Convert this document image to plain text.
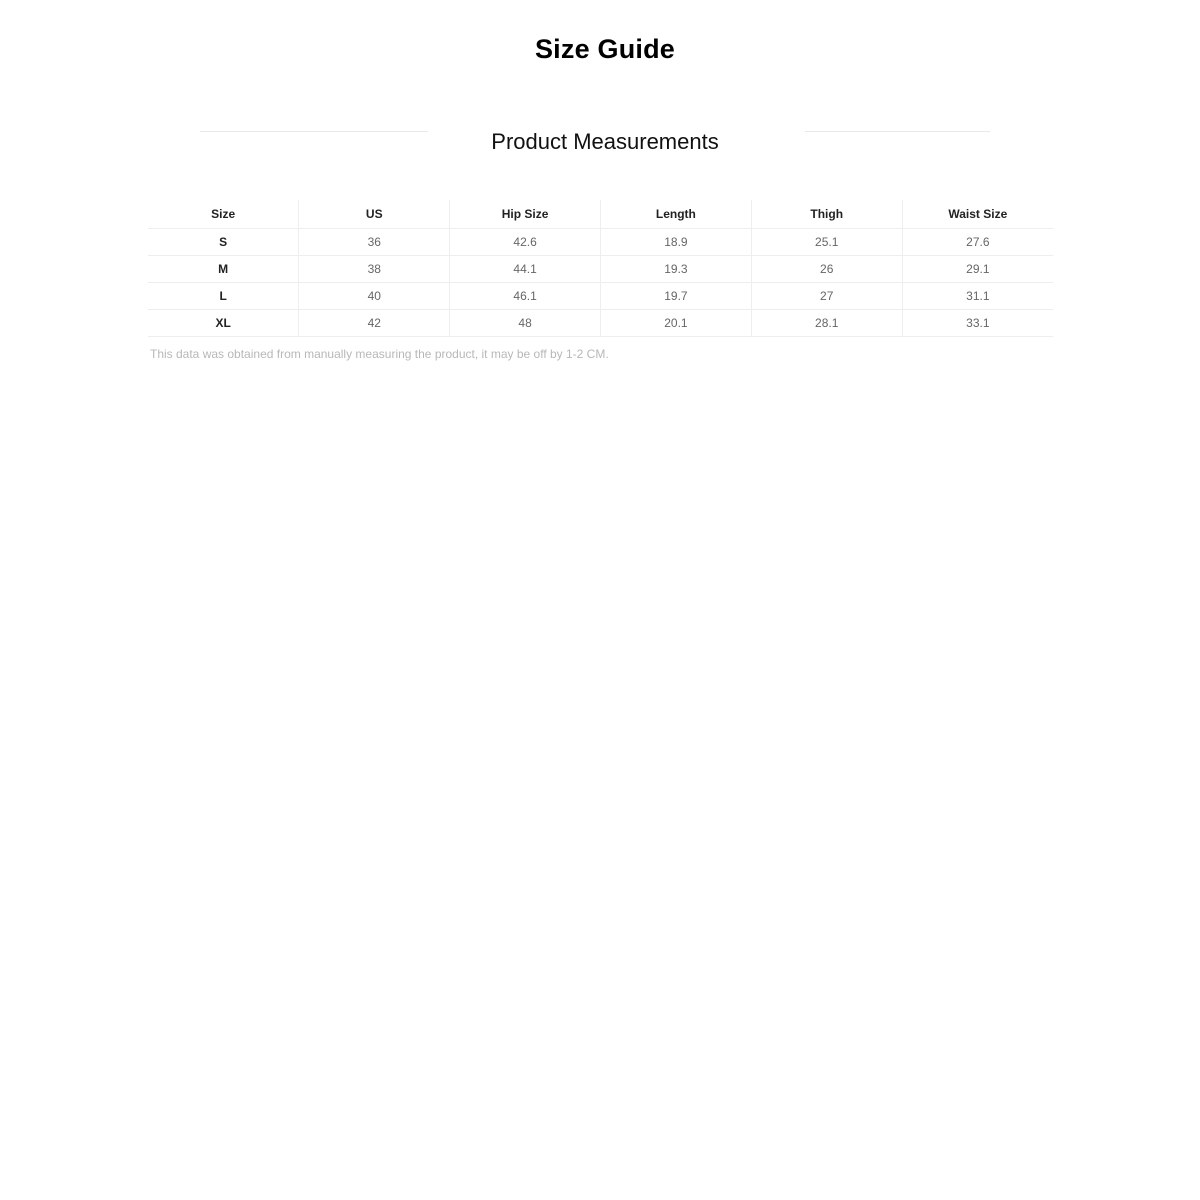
Size Guide
Product Measurements
Size	US	Hip Size	Length	Thigh	Waist Size
S	36	42.6	18.9	25.1	27.6
M	38	44.1	19.3	26	29.1
L	40	46.1	19.7	27	31.1
XL	42	48	20.1	28.1	33.1
This data was obtained from manually measuring the product, it may be off by 1-2 CM.
